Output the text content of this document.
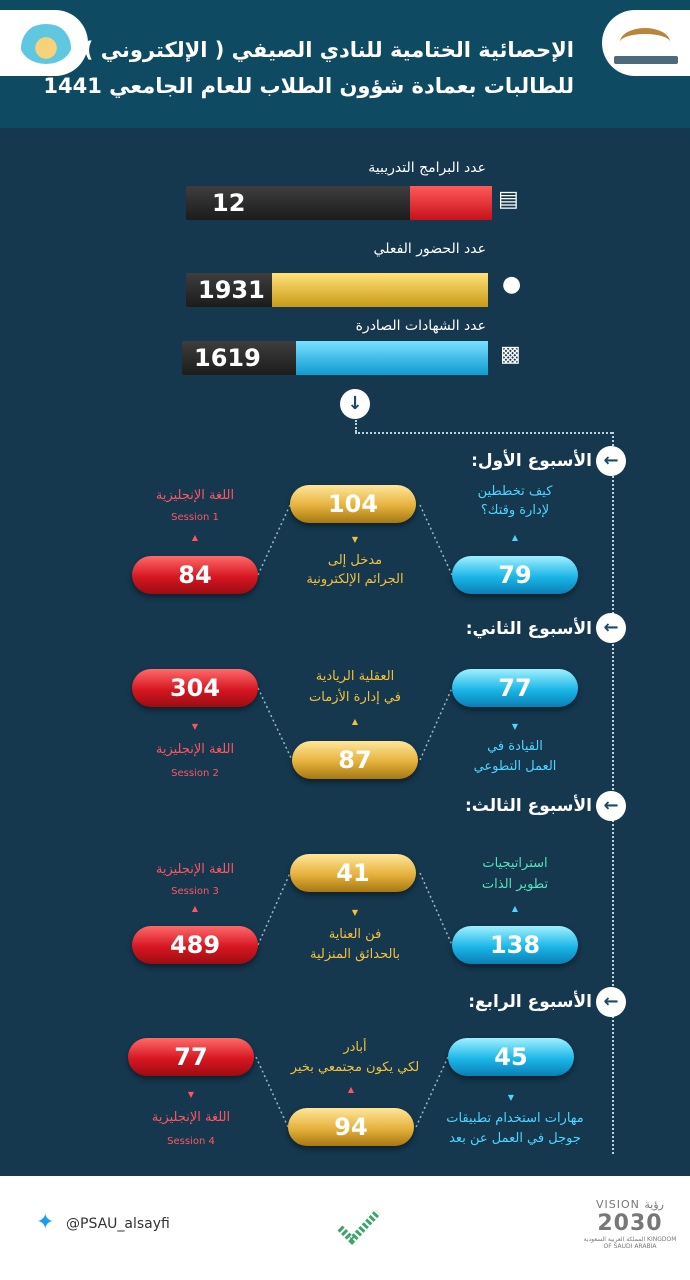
الإحصائية الختامية للنادي الصيفي ( الإلكتروني )
للطالبات بعمادة شؤون الطلاب للعام الجامعي 1441
عدد البرامج التدريبية
12	▤
عدد الحضور الفعلي
1931	●
عدد الشهادات الصادرة
1619	▩
↓
الأسبوع الأول: ←
104
84	79
كيف تخططين
لإدارة وقتك؟
▲
▼
مدخل إلى
الجرائم الإلكترونية
اللغة الإنجليزية
Session 1
▲
الأسبوع الثاني: ←
304	77
87
العقلية الريادية
في إدارة الأزمات
▲
▼
القيادة في
العمل التطوعي
▼
اللغة الإنجليزية
Session 2
الأسبوع الثالث: ←
41
489	138
استراتيجيات
تطوير الذات
▲
▼
فن العناية
بالحدائق المنزلية
اللغة الإنجليزية
Session 3
▲
الأسبوع الرابع: ←
77	45
94
أبادر
لكي يكون مجتمعي بخير
▲
▼
مهارات استخدام تطبيقات
جوجل في العمل عن بعد
▼
اللغة الإنجليزية
Session 4
✦ @PSAU_alsayfi
VISION رؤية
2030
المملكة العربية السعودية KINGDOM OF SAUDI ARABIA
